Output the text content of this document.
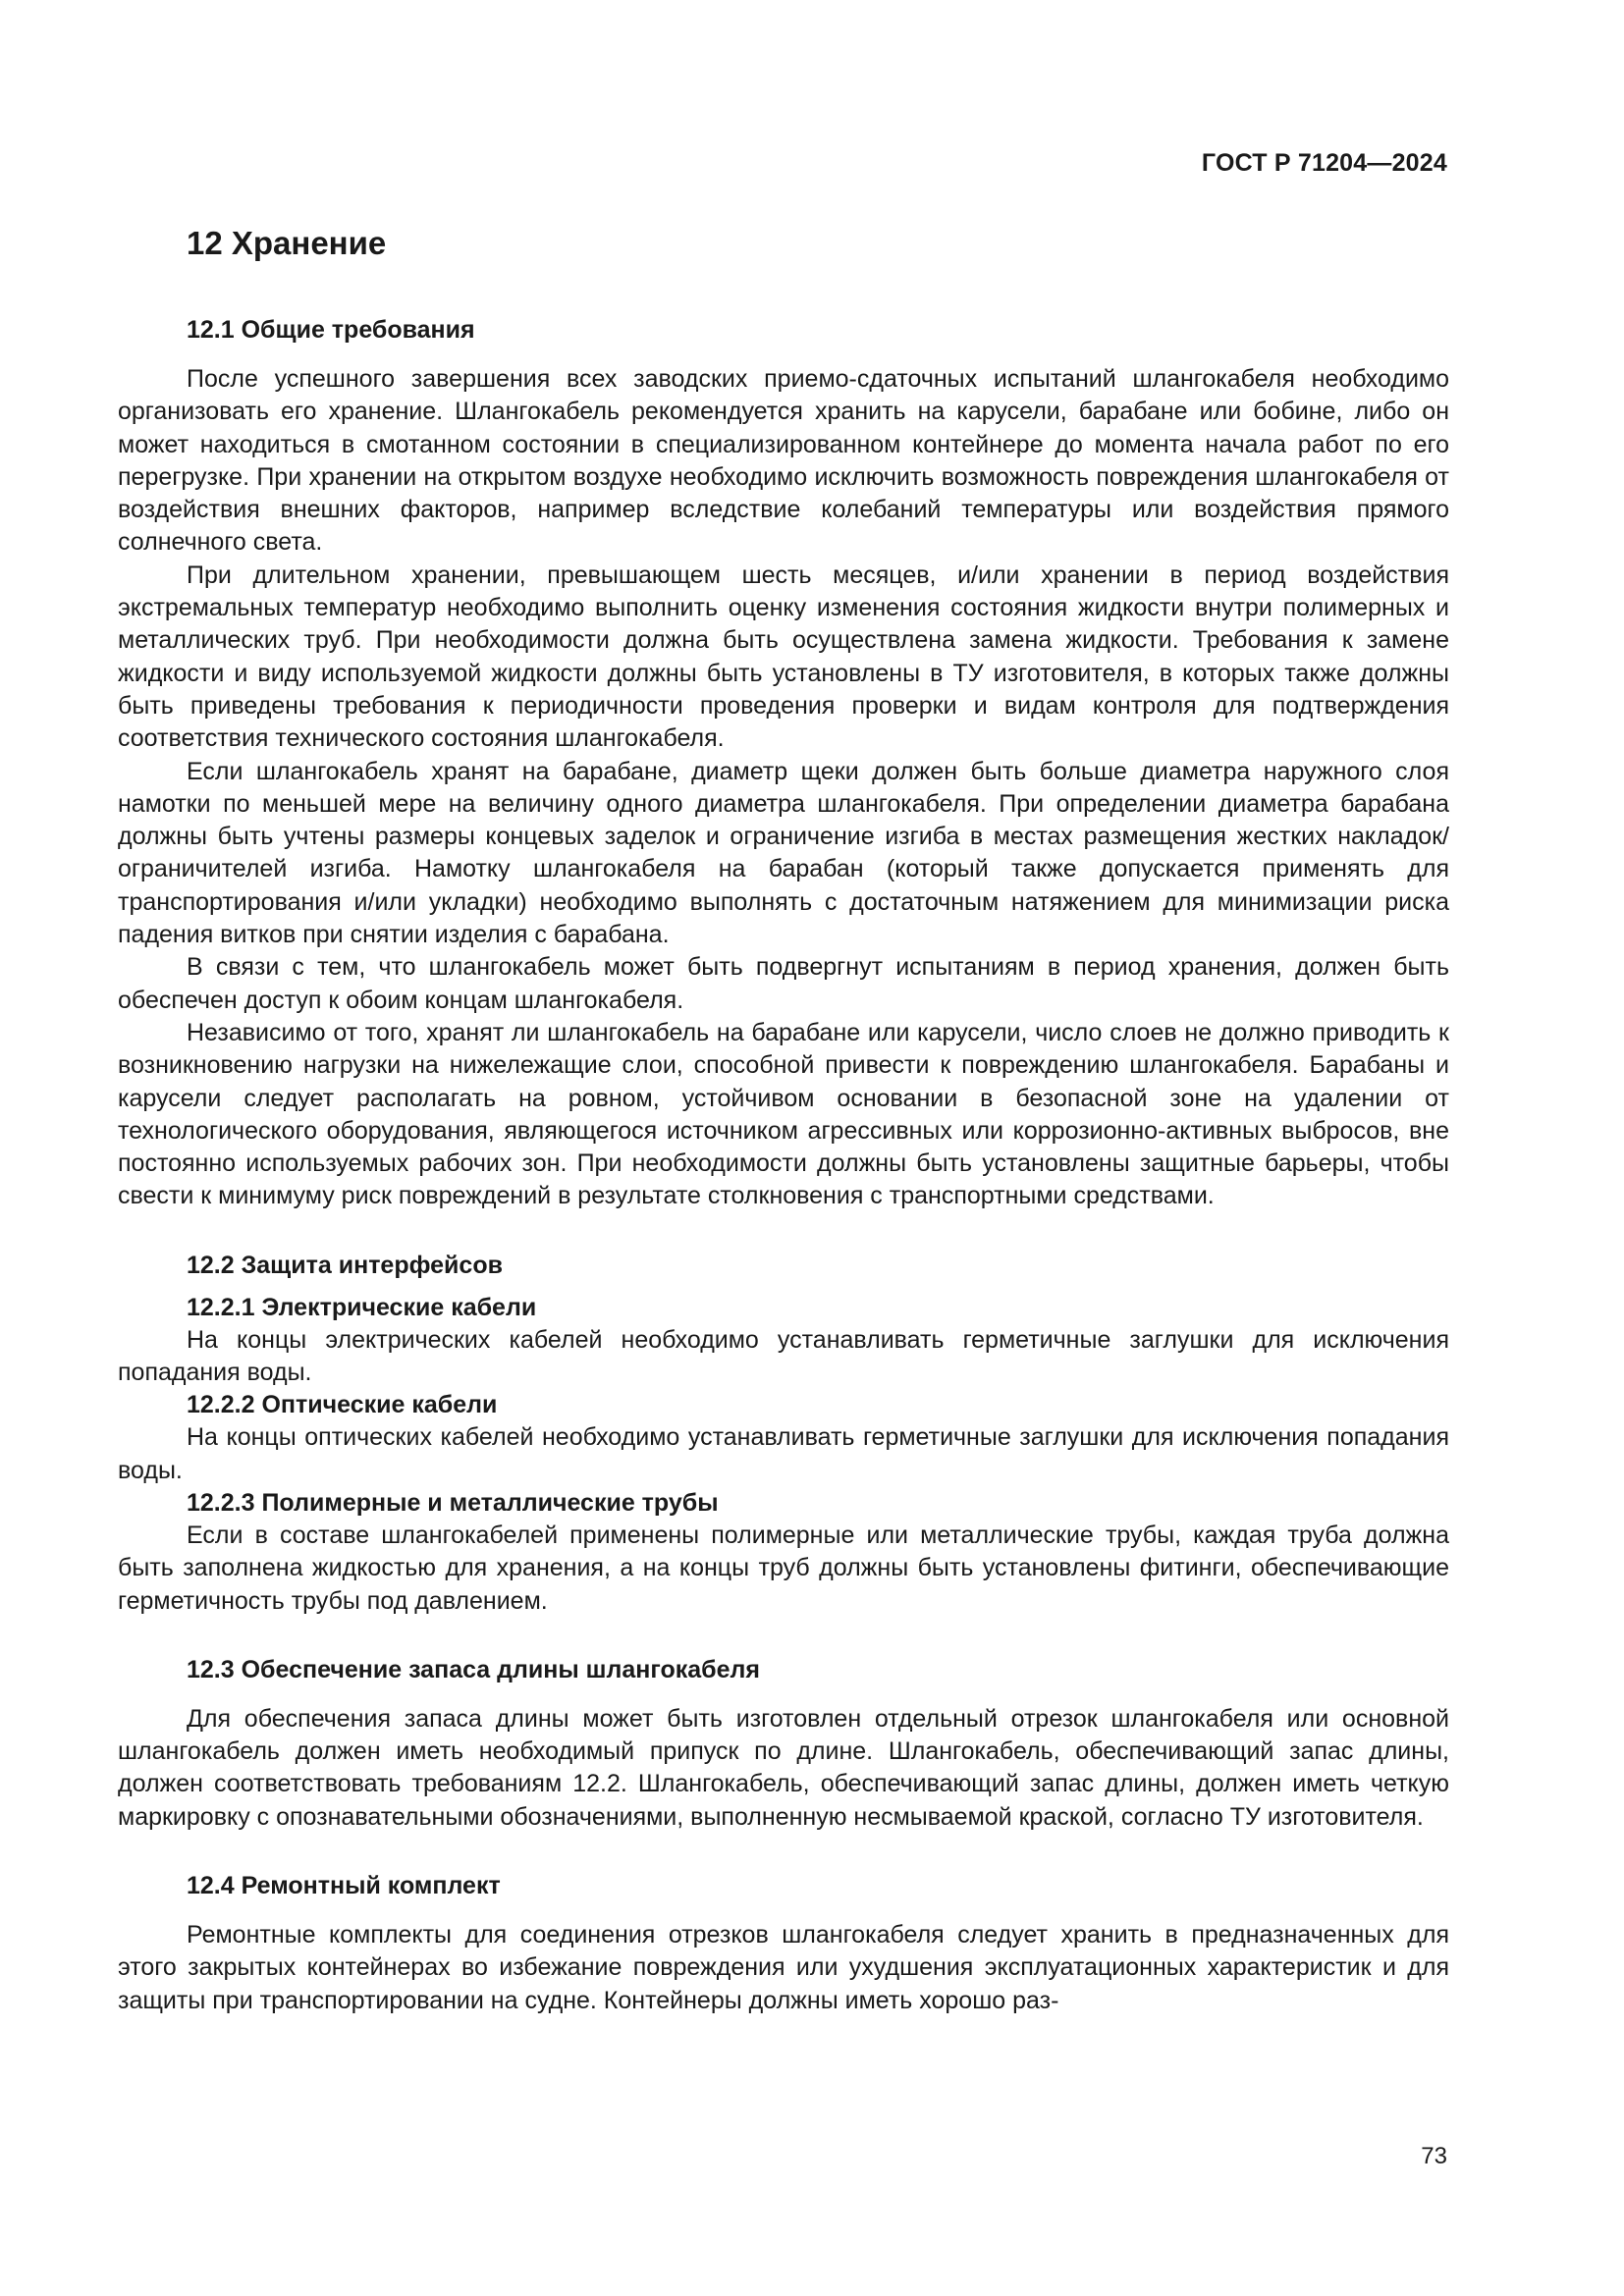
ГОСТ Р 71204—2024
12 Хранение
12.1 Общие требования

После успешного завершения всех заводских приемо-сдаточных испытаний шлангокабеля необходимо организовать его хранение. Шлангокабель рекомендуется хранить на карусели, барабане или бобине, либо он может находиться в смотанном состоянии в специализированном контейнере до момента начала работ по его перегрузке. При хранении на открытом воздухе необходимо исключить возможность повреждения шлангокабеля от воздействия внешних факторов, например вследствие колебаний температуры или воздействия прямого солнечного света.

При длительном хранении, превышающем шесть месяцев, и/или хранении в период воздействия экстремальных температур необходимо выполнить оценку изменения состояния жидкости внутри полимерных и металлических труб. При необходимости должна быть осуществлена замена жидкости. Требования к замене жидкости и виду используемой жидкости должны быть установлены в ТУ изготовителя, в которых также должны быть приведены требования к периодичности проведения проверки и видам контроля для подтверждения соответствия технического состояния шлангокабеля.

Если шлангокабель хранят на барабане, диаметр щеки должен быть больше диаметра наружного слоя намотки по меньшей мере на величину одного диаметра шлангокабеля. При определении диаметра барабана должны быть учтены размеры концевых заделок и ограничение изгиба в местах размещения жестких накладок/ограничителей изгиба. Намотку шлангокабеля на барабан (который также допускается применять для транспортирования и/или укладки) необходимо выполнять с достаточным натяжением для минимизации риска падения витков при снятии изделия с барабана.

В связи с тем, что шлангокабель может быть подвергнут испытаниям в период хранения, должен быть обеспечен доступ к обоим концам шлангокабеля.

Независимо от того, хранят ли шлангокабель на барабане или карусели, число слоев не должно приводить к возникновению нагрузки на нижележащие слои, способной привести к повреждению шлангокабеля. Барабаны и карусели следует располагать на ровном, устойчивом основании в безопасной зоне на удалении от технологического оборудования, являющегося источником агрессивных или коррозионно-активных выбросов, вне постоянно используемых рабочих зон. При необходимости должны быть установлены защитные барьеры, чтобы свести к минимуму риск повреждений в результате столкновения с транспортными средствами.

12.2 Защита интерфейсов
12.2.1 Электрические кабели

На концы электрических кабелей необходимо устанавливать герметичные заглушки для исключения попадания воды.

12.2.2 Оптические кабели

На концы оптических кабелей необходимо устанавливать герметичные заглушки для исключения попадания воды.

12.2.3 Полимерные и металлические трубы

Если в составе шлангокабелей применены полимерные или металлические трубы, каждая труба должна быть заполнена жидкостью для хранения, а на концы труб должны быть установлены фитинги, обеспечивающие герметичность трубы под давлением.

12.3 Обеспечение запаса длины шлангокабеля

Для обеспечения запаса длины может быть изготовлен отдельный отрезок шлангокабеля или основной шлангокабель должен иметь необходимый припуск по длине. Шлангокабель, обеспечивающий запас длины, должен соответствовать требованиям 12.2. Шлангокабель, обеспечивающий запас длины, должен иметь четкую маркировку с опознавательными обозначениями, выполненную несмываемой краской, согласно ТУ изготовителя.

12.4 Ремонтный комплект

Ремонтные комплекты для соединения отрезков шлангокабеля следует хранить в предназначенных для этого закрытых контейнерах во избежание повреждения или ухудшения эксплуатационных характеристик и для защиты при транспортировании на судне. Контейнеры должны иметь хорошо раз-

73
